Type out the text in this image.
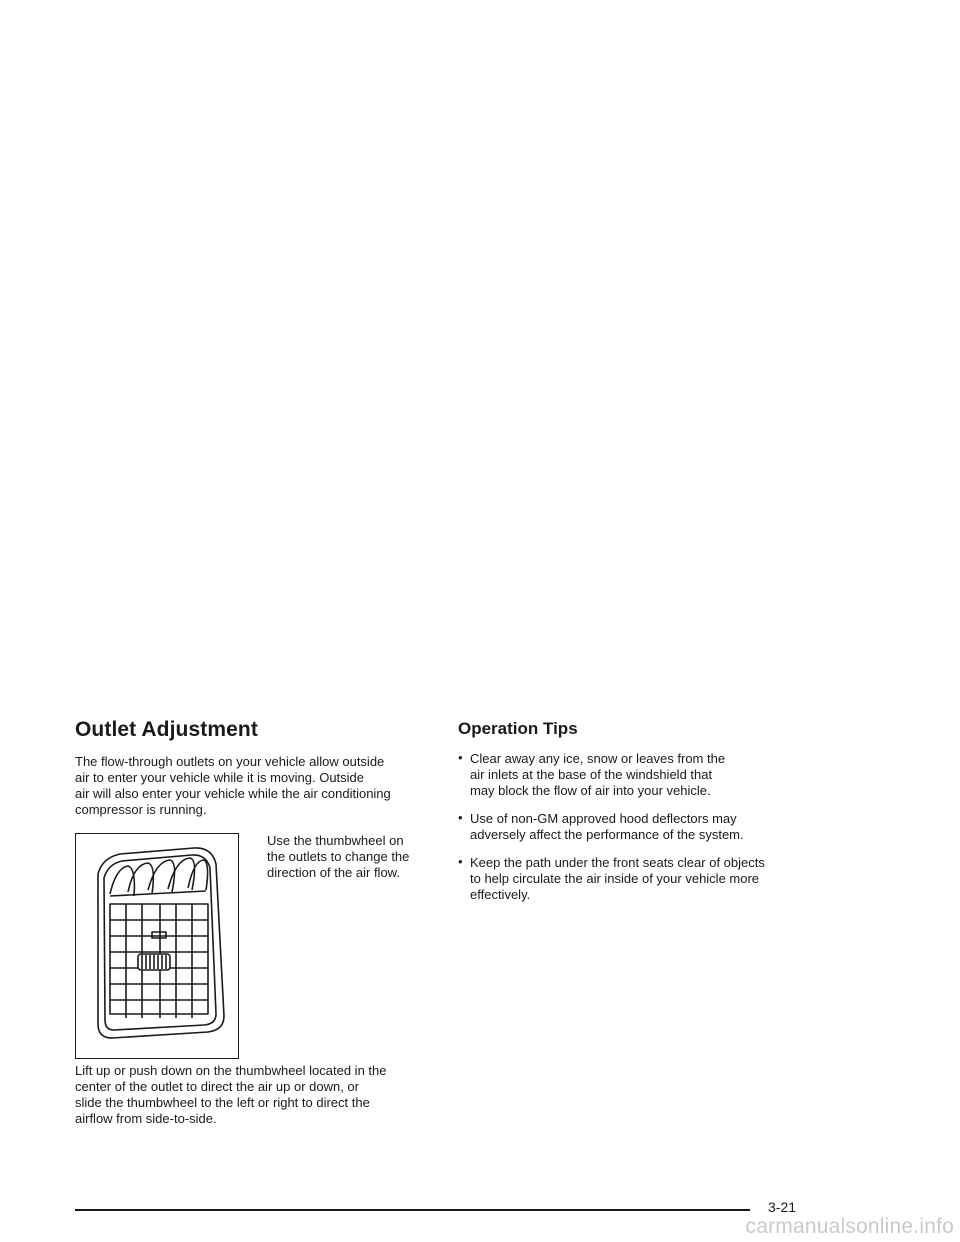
Outlet Adjustment

The flow-through outlets on your vehicle allow outside
air to enter your vehicle while it is moving. Outside
air will also enter your vehicle while the air conditioning
compressor is running.

Use the thumbwheel on
the outlets to change the
direction of the air flow.

Lift up or push down on the thumbwheel located in the
center of the outlet to direct the air up or down, or
slide the thumbwheel to the left or right to direct the
airflow from side-to-side.

Operation Tips
• Clear away any ice, snow or leaves from the
air inlets at the base of the windshield that
may block the flow of air into your vehicle.
• Use of non-GM approved hood deflectors may
adversely affect the performance of the system.
• Keep the path under the front seats clear of objects
to help circulate the air inside of your vehicle more
effectively.
3-21
carmanualsonline.info
